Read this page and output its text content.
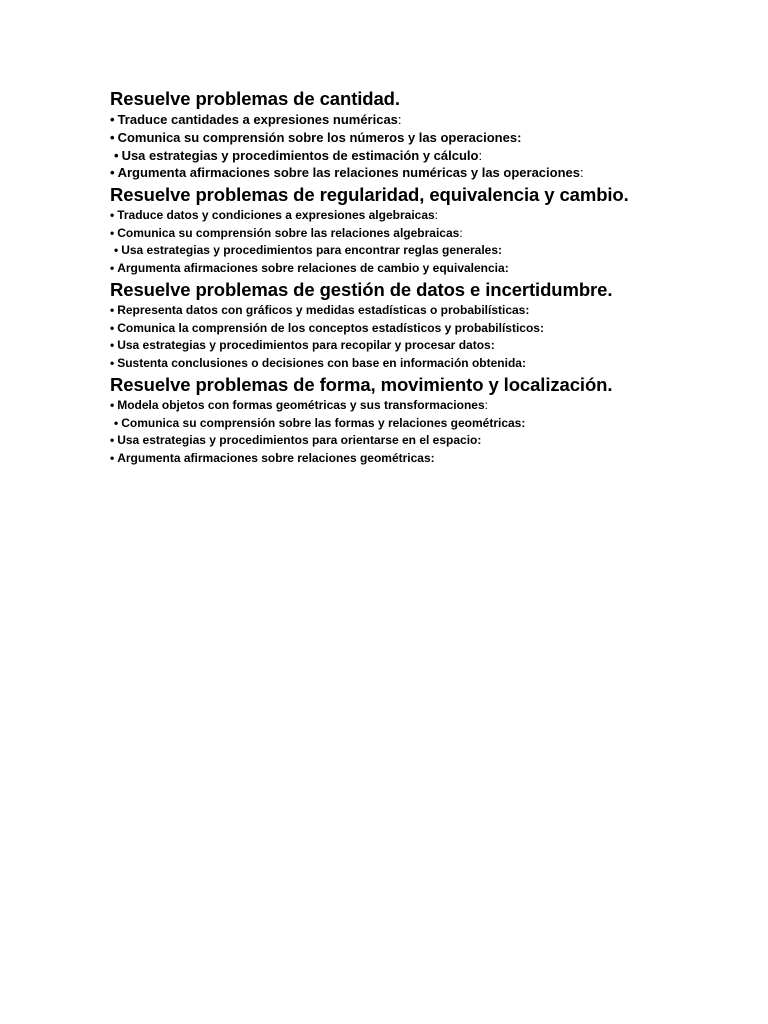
Resuelve problemas de cantidad.
• Traduce cantidades a expresiones numéricas:
• Comunica su comprensión sobre los números y las operaciones:
• Usa estrategias y procedimientos de estimación y cálculo:
• Argumenta afirmaciones sobre las relaciones numéricas y las operaciones:
Resuelve problemas de regularidad, equivalencia y cambio.
• Traduce datos y condiciones a expresiones algebraicas:
• Comunica su comprensión sobre las relaciones algebraicas:
• Usa estrategias y procedimientos para encontrar reglas generales:
• Argumenta afirmaciones sobre relaciones de cambio y equivalencia:
Resuelve problemas de gestión de datos e incertidumbre.
• Representa datos con gráficos y medidas estadísticas o probabilísticas:
• Comunica la comprensión de los conceptos estadísticos y probabilísticos:
• Usa estrategias y procedimientos para recopilar y procesar datos:
• Sustenta conclusiones o decisiones con base en información obtenida:
Resuelve problemas de forma, movimiento y localización.
• Modela objetos con formas geométricas y sus transformaciones:
• Comunica su comprensión sobre las formas y relaciones geométricas:
• Usa estrategias y procedimientos para orientarse en el espacio:
• Argumenta afirmaciones sobre relaciones geométricas:
